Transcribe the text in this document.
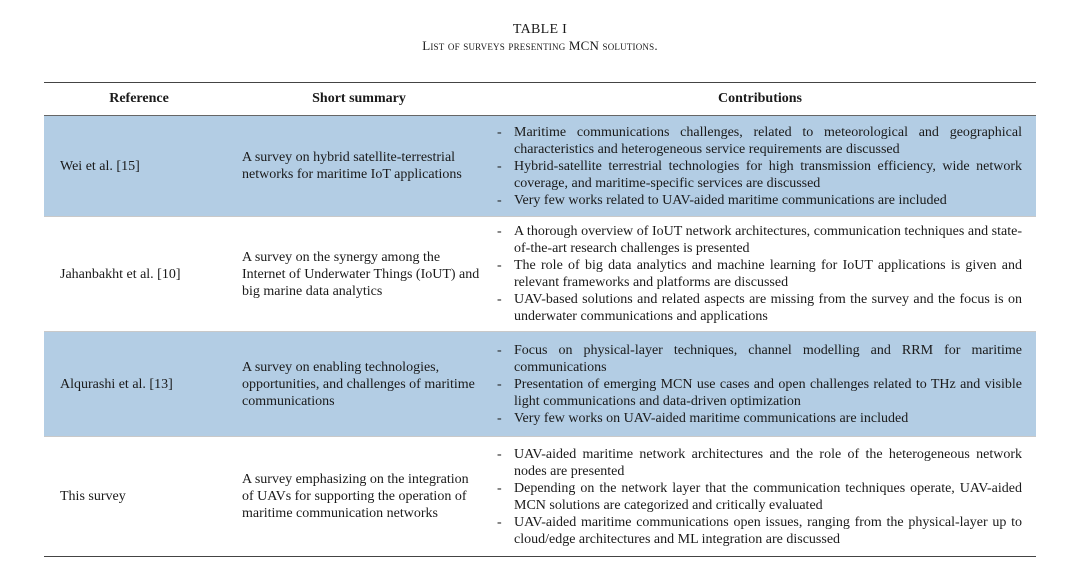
TABLE I
List of surveys presenting MCN solutions.
Reference	Short summary	Contributions
Wei et al. [15]
A survey on hybrid satellite-terrestrial networks for maritime IoT applications
- Maritime communications challenges, related to meteorological and geographical characteristics and heterogeneous service requirements are discussed
- Hybrid-satellite terrestrial technologies for high transmission efficiency, wide network coverage, and maritime-specific services are discussed
- Very few works related to UAV-aided maritime communications are included
Jahanbakht et al. [10]
A survey on the synergy among the Internet of Underwater Things (IoUT) and big marine data analytics
- A thorough overview of IoUT network architectures, communication techniques and state-of-the-art research challenges is presented
- The role of big data analytics and machine learning for IoUT applications is given and relevant frameworks and platforms are discussed
- UAV-based solutions and related aspects are missing from the survey and the focus is on underwater communications and applications
Alqurashi et al. [13]
A survey on enabling technologies, opportunities, and challenges of maritime communications
- Focus on physical-layer techniques, channel modelling and RRM for maritime communications
- Presentation of emerging MCN use cases and open challenges related to THz and visible light communications and data-driven optimization
- Very few works on UAV-aided maritime communications are included
This survey
A survey emphasizing on the integration of UAVs for supporting the operation of maritime communication networks
- UAV-aided maritime network architectures and the role of the heterogeneous network nodes are presented
- Depending on the network layer that the communication techniques operate, UAV-aided MCN solutions are categorized and critically evaluated
- UAV-aided maritime communications open issues, ranging from the physical-layer up to cloud/edge architectures and ML integration are discussed
